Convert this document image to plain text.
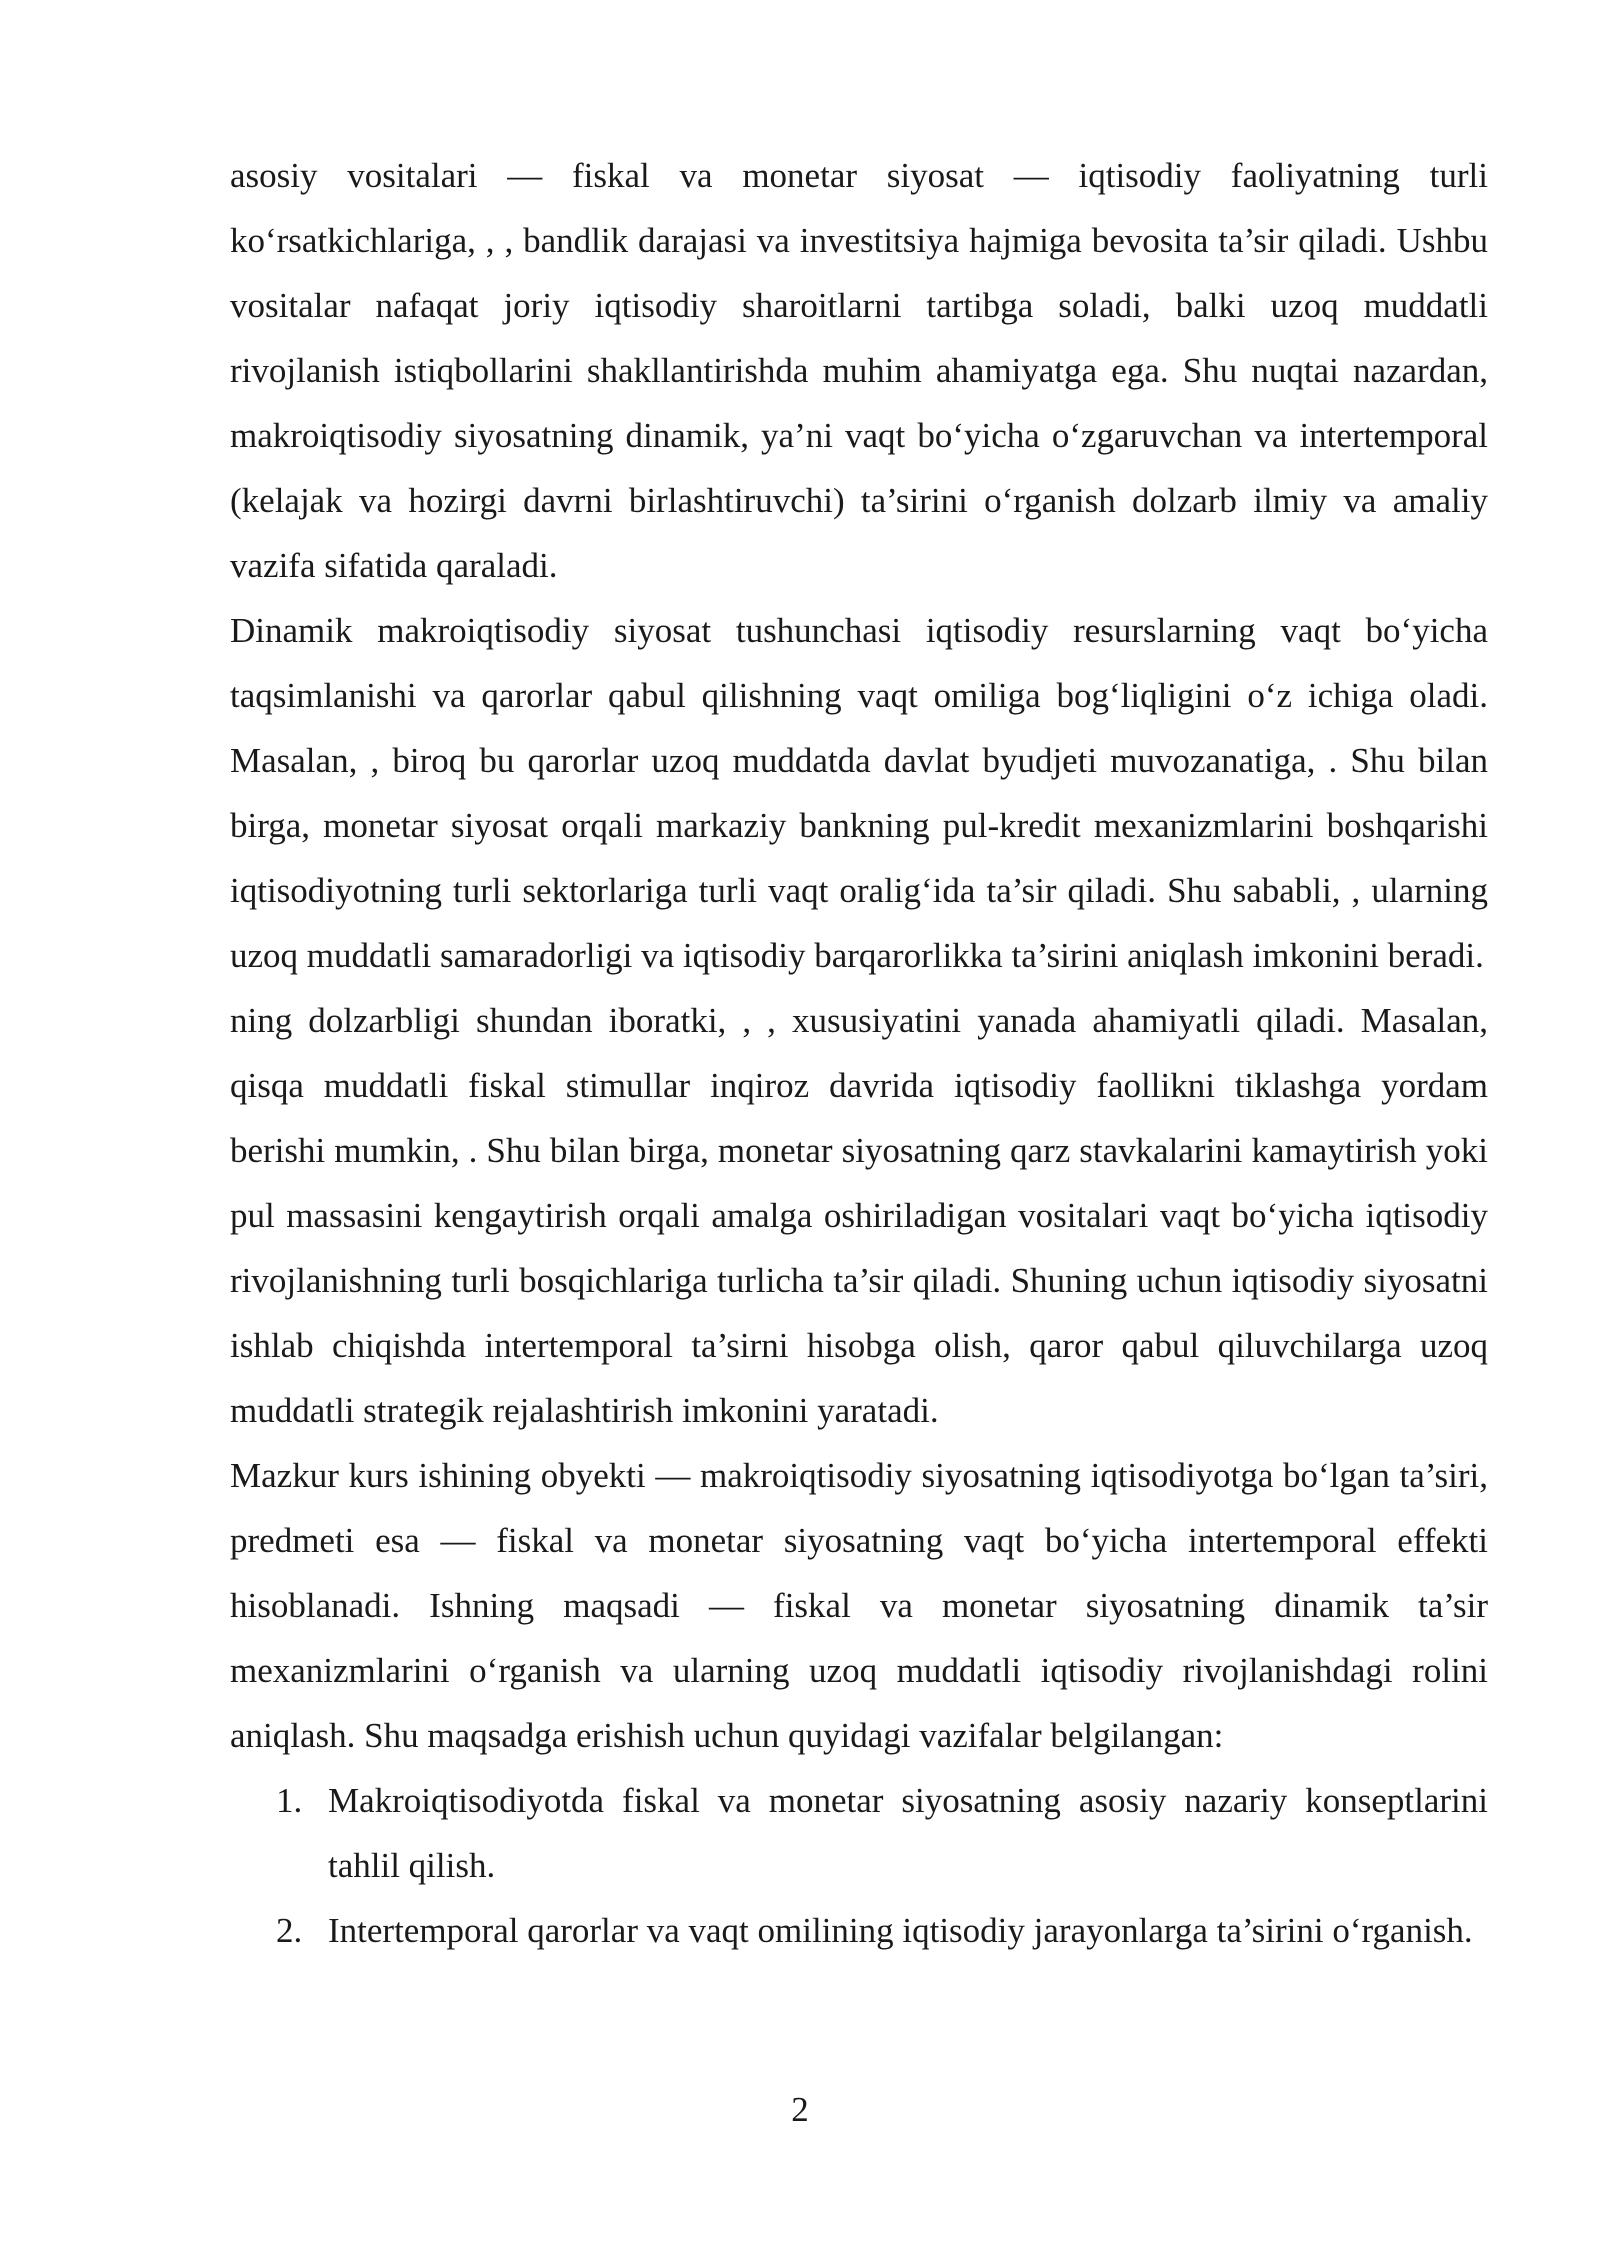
asosiy vositalari — fiskal va monetar siyosat — iqtisodiy faoliyatning turli ko‘rsatkichlariga, , , bandlik darajasi va investitsiya hajmiga bevosita ta’sir qiladi. Ushbu vositalar nafaqat joriy iqtisodiy sharoitlarni tartibga soladi, balki uzoq muddatli rivojlanish istiqbollarini shakllantirishda muhim ahamiyatga ega. Shu nuqtai nazardan, makroiqtisodiy siyosatning dinamik, ya’ni vaqt bo‘yicha o‘zgaruvchan va intertemporal (kelajak va hozirgi davrni birlashtiruvchi) ta’sirini o‘rganish dolzarb ilmiy va amaliy vazifa sifatida qaraladi.

Dinamik makroiqtisodiy siyosat tushunchasi iqtisodiy resurslarning vaqt bo‘yicha taqsimlanishi va qarorlar qabul qilishning vaqt omiliga bog‘liqligini o‘z ichiga oladi. Masalan, , biroq bu qarorlar uzoq muddatda davlat byudjeti muvozanatiga, . Shu bilan birga, monetar siyosat orqali markaziy bankning pul-kredit mexanizmlarini boshqarishi iqtisodiyotning turli sektorlariga turli vaqt oralig‘ida ta’sir qiladi. Shu sababli, , ularning uzoq muddatli samaradorligi va iqtisodiy barqarorlikka ta’sirini aniqlash imkonini beradi.

ning dolzarbligi shundan iboratki, , , xususiyatini yanada ahamiyatli qiladi. Masalan, qisqa muddatli fiskal stimullar inqiroz davrida iqtisodiy faollikni tiklashga yordam berishi mumkin, . Shu bilan birga, monetar siyosatning qarz stavkalarini kamaytirish yoki pul massasini kengaytirish orqali amalga oshiriladigan vositalari vaqt bo‘yicha iqtisodiy rivojlanishning turli bosqichlariga turlicha ta’sir qiladi. Shuning uchun iqtisodiy siyosatni ishlab chiqishda intertemporal ta’sirni hisobga olish, qaror qabul qiluvchilarga uzoq muddatli strategik rejalashtirish imkonini yaratadi.

Mazkur kurs ishining obyekti — makroiqtisodiy siyosatning iqtisodiyotga bo‘lgan ta’siri, predmeti esa — fiskal va monetar siyosatning vaqt bo‘yicha intertemporal effekti hisoblanadi. Ishning maqsadi — fiskal va monetar siyosatning dinamik ta’sir mexanizmlarini o‘rganish va ularning uzoq muddatli iqtisodiy rivojlanishdagi rolini aniqlash. Shu maqsadga erishish uchun quyidagi vazifalar belgilangan:

1. Makroiqtisodiyotda fiskal va monetar siyosatning asosiy nazariy konseptlarini tahlil qilish.
2. Intertemporal qarorlar va vaqt omilining iqtisodiy jarayonlarga ta’sirini o‘rganish.
2
